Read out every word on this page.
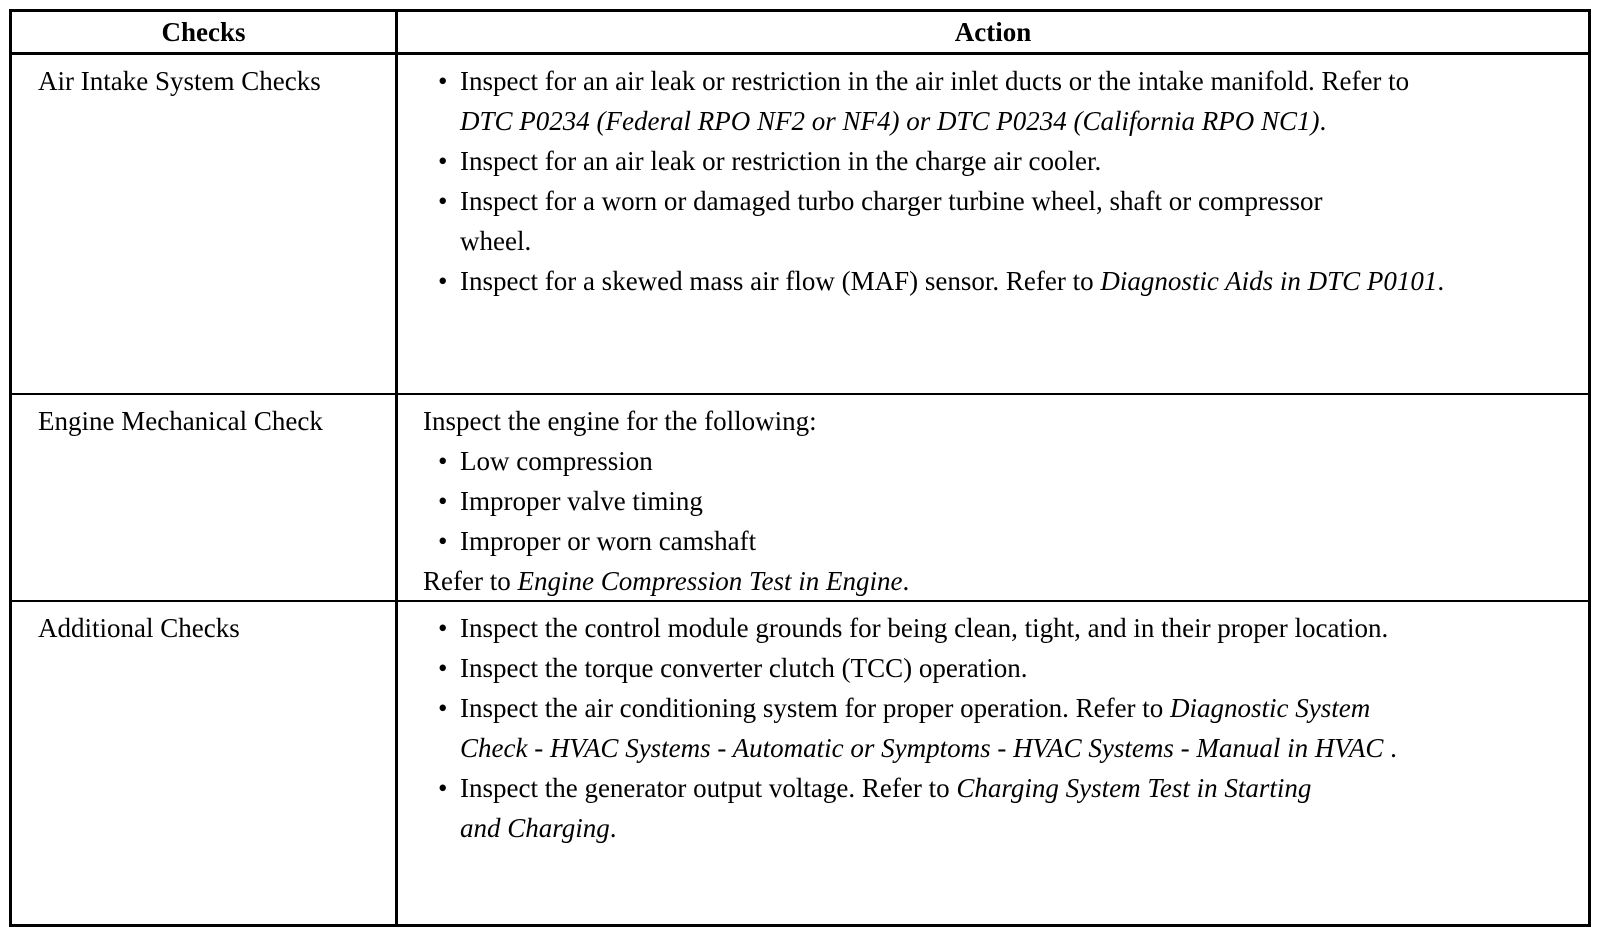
Checks	Action
Air Intake System Checks	• Inspect for an air leak or restriction in the air inlet ducts or the intake manifold. Refer to DTC P0234 (Federal RPO NF2 or NF4) or DTC P0234 (California RPO NC1).
• Inspect for an air leak or restriction in the charge air cooler.
• Inspect for a worn or damaged turbo charger turbine wheel, shaft or compressor wheel.
• Inspect for a skewed mass air flow (MAF) sensor. Refer to Diagnostic Aids in DTC P0101.
Engine Mechanical Check	Inspect the engine for the following:
• Low compression
• Improper valve timing
• Improper or worn camshaft
Refer to Engine Compression Test in Engine.
Additional Checks	• Inspect the control module grounds for being clean, tight, and in their proper location.
• Inspect the torque converter clutch (TCC) operation.
• Inspect the air conditioning system for proper operation. Refer to Diagnostic System Check - HVAC Systems - Automatic or Symptoms - HVAC Systems - Manual in HVAC .
• Inspect the generator output voltage. Refer to Charging System Test in Starting and Charging.
